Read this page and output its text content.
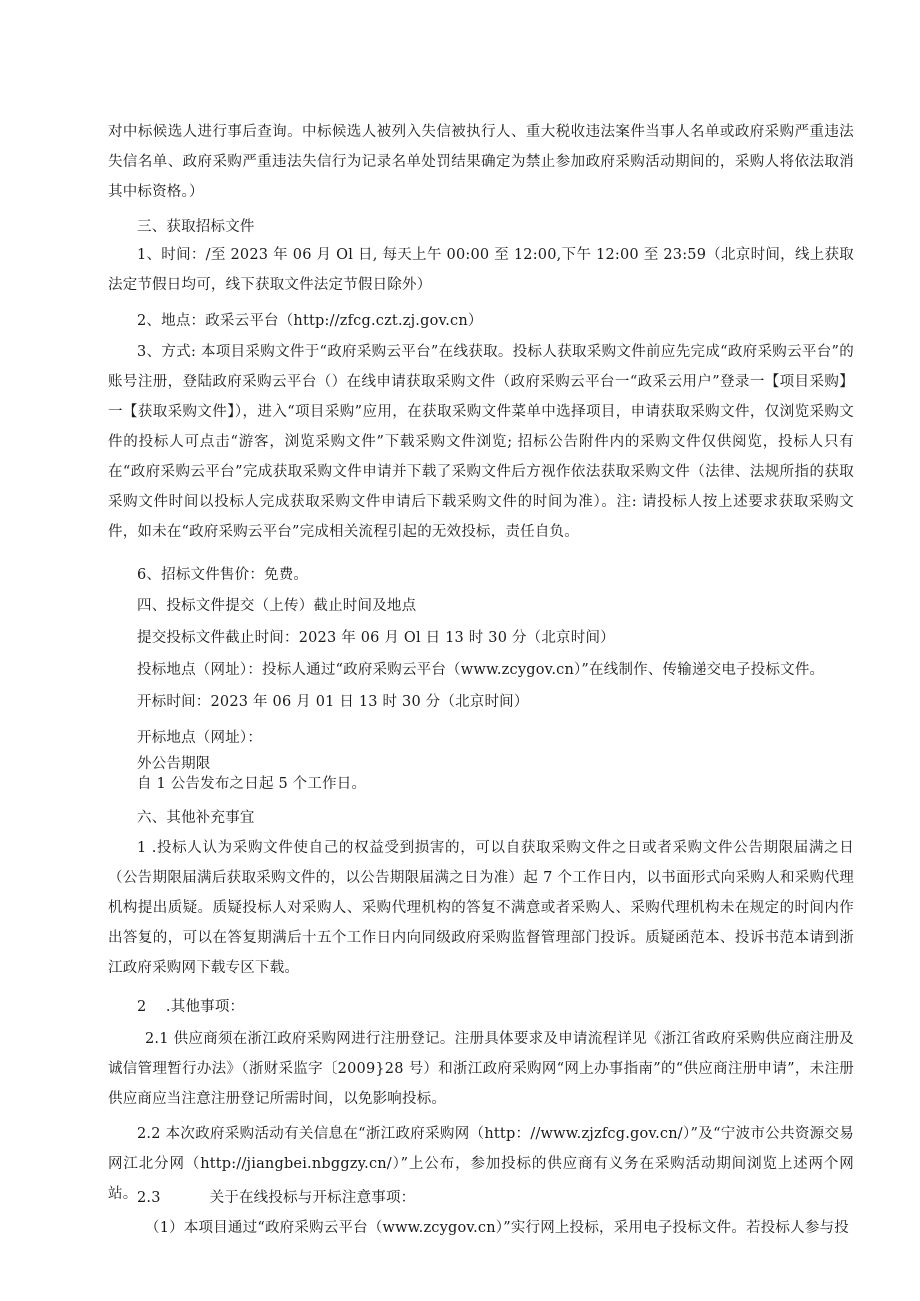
对中标候选人进行事后查询。中标候选人被列入失信被执行人、重大税收违法案件当事人名单或政府采购严重违法失信名单、政府采购严重违法失信行为记录名单处罚结果确定为禁止参加政府采购活动期间的，采购人将依法取消其中标资格。）

三、获取招标文件

1、时间：/至 2023 年 06 月 Ol 日, 每天上午 00:00 至 12:00,下午 12:00 至 23:59（北京时间，线上获取法定节假日均可，线下获取文件法定节假日除外）

2、地点：政采云平台（http://zfcg.czt.zj.gov.cn）

3、方式: 本项目采购文件于“政府采购云平台”在线获取。投标人获取采购文件前应先完成“政府采购云平台”的账号注册，登陆政府采购云平台（）在线申请获取采购文件（政府采购云平台一“政采云用户”登录一【项目采购】一【获取采购文件】），进入“项目采购”应用，在获取采购文件菜单中选择项目，申请获取采购文件，仅浏览采购文件的投标人可点击“游客，浏览采购文件”下载采购文件浏览; 招标公告附件内的采购文件仅供阅览，投标人只有在“政府采购云平台”完成获取采购文件申请并下载了采购文件后方视作依法获取采购文件（法律、法规所指的获取采购文件时间以投标人完成获取采购文件申请后下载采购文件的时间为准）。注: 请投标人按上述要求获取采购文件，如未在“政府采购云平台”完成相关流程引起的无效投标，责任自负。

6、招标文件售价：免费。

四、投标文件提交（上传）截止时间及地点

提交投标文件截止时间：2023 年 06 月 Ol 日 13 时 30 分（北京时间）

投标地点（网址）：投标人通过“政府采购云平台（www.zcygov.cn）”在线制作、传输递交电子投标文件。

开标时间：2023 年 06 月 01 日 13 时 30 分（北京时间）

开标地点（网址）：

外公告期限

自 1 公告发布之日起 5 个工作日。

六、其他补充事宜

1 .投标人认为采购文件使自己的权益受到损害的，可以自获取采购文件之日或者采购文件公告期限届满之日（公告期限届满后获取采购文件的，以公告期限届满之日为准）起 7 个工作日内，以书面形式向采购人和采购代理机构提出质疑。质疑投标人对采购人、采购代理机构的答复不满意或者采购人、采购代理机构未在规定的时间内作出答复的，可以在答复期满后十五个工作日内向同级政府采购监督管理部门投诉。质疑函范本、投诉书范本请到浙江政府采购网下载专区下载。

2　 .其他事项：

2.1 供应商须在浙江政府采购网进行注册登记。注册具体要求及申请流程详见《浙江省政府采购供应商注册及诚信管理暂行办法》（浙财采监字〔2009}28 号）和浙江政府采购网“网上办事指南”的“供应商注册申请”，未注册供应商应当注意注册登记所需时间，以免影响投标。

2.2 本次政府采购活动有关信息在“浙江政府采购网（http：//www.zjzfcg.gov.cn/）”及“宁波市公共资源交易网江北分网（http://jiangbei.nbggzy.cn/）”上公布，参加投标的供应商有义务在采购活动期间浏览上述两个网站。 2.3 　　　关于在线投标与开标注意事项：

（1）本项目通过“政府采购云平台（www.zcygov.cn）”实行网上投标，采用电子投标文件。若投标人参与投
